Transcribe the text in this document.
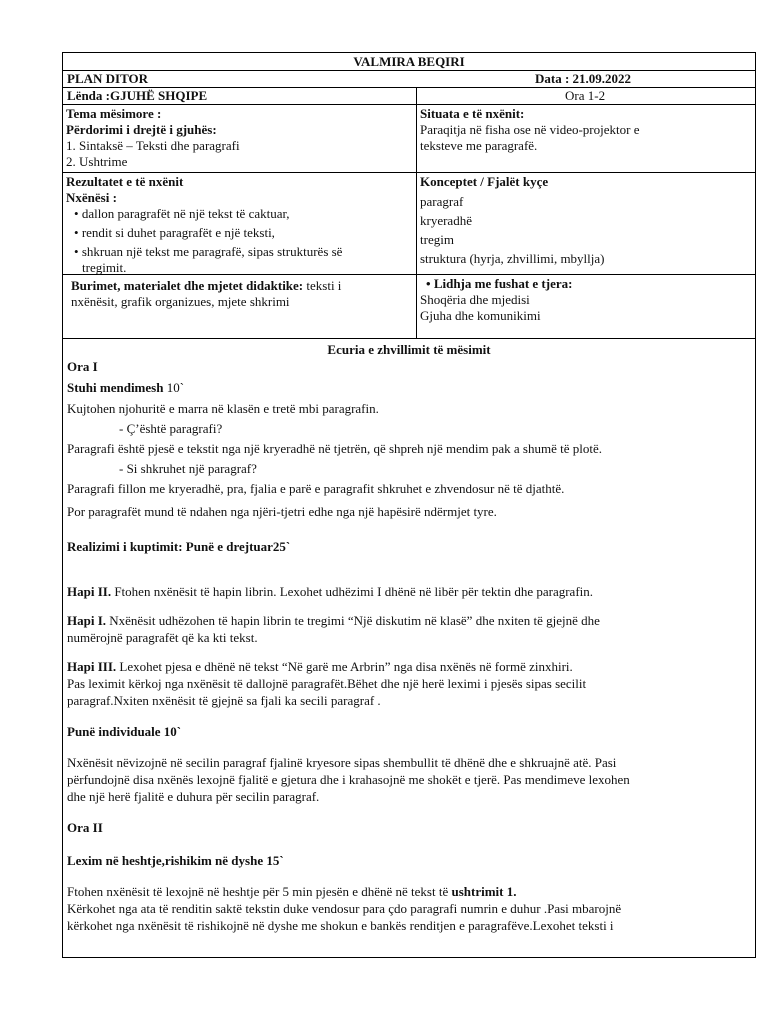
VALMIRA BEQIRI
PLAN DITOR	Data : 21.09.2022
Lënda :GJUHË SHQIPE	Ora 1-2
Tema mësimore :
Përdorimi i drejtë i gjuhës:
1. Sintaksë – Teksti dhe paragrafi
2. Ushtrime
Situata e të nxënit:
Paraqitja në fisha ose në video-projektor e
teksteve me paragrafë.
Rezultatet e të nxënit
Nxënësi :
• dallon paragrafët në një tekst të caktuar,
• rendit si duhet paragrafët e një teksti,
• shkruan një tekst me paragrafë, sipas strukturës së
tregimit.
Konceptet / Fjalët kyçe
paragraf
kryeradhë
tregim
struktura (hyrja, zhvillimi, mbyllja)
Burimet, materialet dhe mjetet didaktike: teksti i
nxënësit, grafik organizues, mjete shkrimi
• Lidhja me fushat e tjera:
Shoqëria dhe mjedisi
Gjuha dhe komunikimi
Ecuria e zhvillimit të mësimit
Ora I
Stuhi mendimesh 10`
Kujtohen njohuritë e marra në klasën e tretë mbi paragrafin.
- Ç’është paragrafi?
Paragrafi është pjesë e tekstit nga një kryeradhë në tjetrën, që shpreh një mendim pak a shumë të plotë.
- Si shkruhet një paragraf?
Paragrafi fillon me kryeradhë, pra, fjalia e parë e paragrafit shkruhet e zhvendosur në të djathtë.
Por paragrafët mund të ndahen nga njëri-tjetri edhe nga një hapësirë ndërmjet tyre.
Realizimi i kuptimit: Punë e drejtuar25`
Hapi II. Ftohen nxënësit të hapin librin. Lexohet udhëzimi I dhënë në libër për tektin dhe paragrafin.
Hapi I. Nxënësit udhëzohen të hapin librin te tregimi “Një diskutim në klasë” dhe nxiten të gjejnë dhe
numërojnë paragrafët që ka kti tekst.
Hapi III. Lexohet pjesa e dhënë në tekst “Në garë me Arbrin” nga disa nxënës në formë zinxhiri.
Pas leximit kërkoj nga nxënësit të dallojnë paragrafët.Bëhet dhe një herë leximi i pjesës sipas secilit
paragraf.Nxiten nxënësit të gjejnë sa fjali ka secili paragraf .
Punë individuale 10`
Nxënësit nëvizojnë në secilin paragraf fjalinë kryesore sipas shembullit të dhënë dhe e shkruajnë atë. Pasi
përfundojnë disa nxënës lexojnë fjalitë e gjetura dhe i krahasojnë me shokët e tjerë. Pas mendimeve lexohen
dhe një herë fjalitë e duhura për secilin paragraf.
Ora II
Lexim në heshtje,rishikim në dyshe 15`
Ftohen nxënësit të lexojnë në heshtje për 5 min pjesën e dhënë në tekst të ushtrimit 1.
Kërkohet nga ata të renditin saktë tekstin duke vendosur para çdo paragrafi numrin e duhur .Pasi mbarojnë
kërkohet nga nxënësit të rishikojnë në dyshe me shokun e bankës renditjen e paragrafëve.Lexohet teksti i
